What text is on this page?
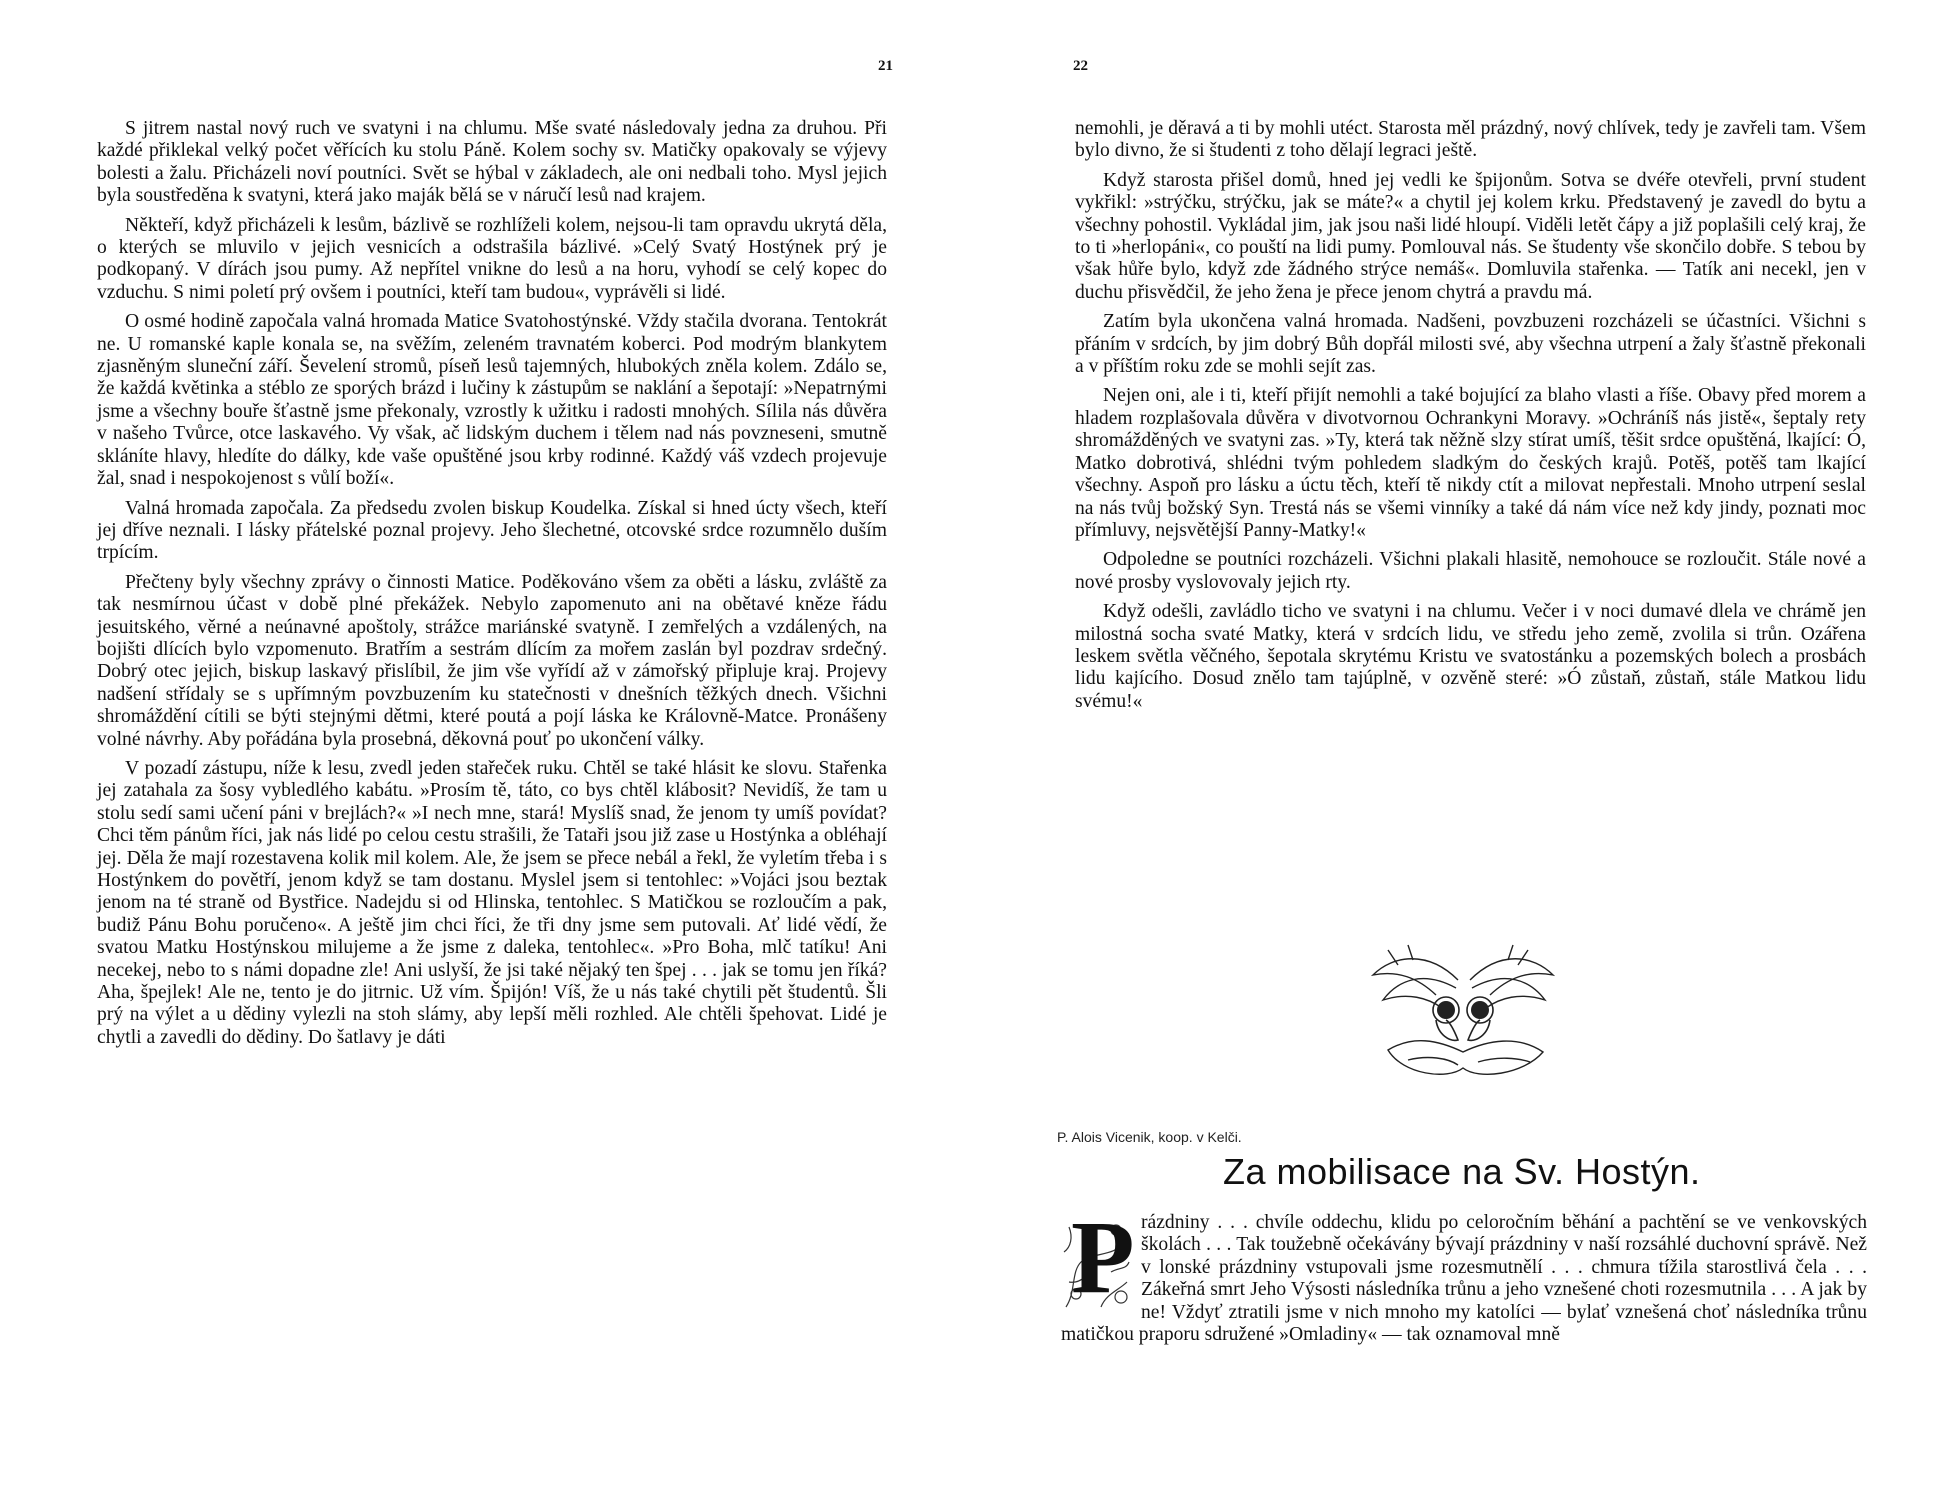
21

S jitrem nastal nový ruch ve svatyni i na chlumu. Mše svaté následovaly jedna za druhou. Při každé přiklekal velký počet věřících ku stolu Páně. Kolem sochy sv. Matičky opakovaly se výjevy bolesti a žalu. Přicházeli noví poutníci. Svět se hýbal v základech, ale oni nedbali toho. Mysl jejich byla soustředěna k svatyni, která jako maják bělá se v náručí lesů nad krajem.

Někteří, když přicházeli k lesům, bázlivě se rozhlíželi kolem, nejsou-li tam opravdu ukrytá děla, o kterých se mluvilo v jejich vesnicích a odstrašila bázlivé. »Celý Svatý Hostýnek prý je podkopaný. V dírách jsou pumy. Až nepřítel vnikne do lesů a na horu, vyhodí se celý kopec do vzduchu. S nimi poletí prý ovšem i poutníci, kteří tam budou«, vyprávěli si lidé.

O osmé hodině započala valná hromada Matice Svatohostýnské. Vždy stačila dvorana. Tentokrát ne. U romanské kaple konala se, na svěžím, zeleném travnatém koberci. Pod modrým blankytem zjasněným sluneční září. Ševelení stromů, píseň lesů tajemných, hlubokých zněla kolem. Zdálo se, že každá květinka a stéblo ze sporých brázd i lučiny k zástupům se naklání a šepotají: »Nepatrnými jsme a všechny bouře šťastně jsme překonaly, vzrostly k užitku i radosti mnohých. Sílila nás důvěra v našeho Tvůrce, otce laskavého. Vy však, ač lidským duchem i tělem nad nás povzneseni, smutně skláníte hlavy, hledíte do dálky, kde vaše opuštěné jsou krby rodinné. Každý váš vzdech projevuje žal, snad i nespokojenost s vůlí boží«.

Valná hromada započala. Za předsedu zvolen biskup Koudelka. Získal si hned úcty všech, kteří jej dříve neznali. I lásky přátelské poznal projevy. Jeho šlechetné, otcovské srdce rozumnělo duším trpícím.

Přečteny byly všechny zprávy o činnosti Matice. Poděkováno všem za oběti a lásku, zvláště za tak nesmírnou účast v době plné překážek. Nebylo zapomenuto ani na obětavé kněze řádu jesuitského, věrné a neúnavné apoštoly, strážce mariánské svatyně. I zemřelých a vzdálených, na bojišti dlících bylo vzpomenuto. Bratřím a sestrám dlícím za mořem zaslán byl pozdrav srdečný. Dobrý otec jejich, biskup laskavý přislíbil, že jim vše vyřídí až v zámořský připluje kraj. Projevy nadšení střídaly se s upřímným povzbuzením ku statečnosti v dnešních těžkých dnech. Všichni shromáždění cítili se býti stejnými dětmi, které poutá a pojí láska ke Královně-Matce. Pronášeny volné návrhy. Aby pořádána byla prosebná, děkovná pouť po ukončení války.

V pozadí zástupu, níže k lesu, zvedl jeden stařeček ruku. Chtěl se také hlásit ke slovu. Stařenka jej zatahala za šosy vybledlého kabátu. »Prosím tě, táto, co bys chtěl klábosit? Nevidíš, že tam u stolu sedí sami učení páni v brejlách?« »I nech mne, stará! Myslíš snad, že jenom ty umíš povídat? Chci těm pánům říci, jak nás lidé po celou cestu strašili, že Tataři jsou již zase u Hostýnka a obléhají jej. Děla že mají rozestavena kolik mil kolem. Ale, že jsem se přece nebál a řekl, že vyletím třeba i s Hostýnkem do povětří, jenom když se tam dostanu. Myslel jsem si tentohlec: »Vojáci jsou beztak jenom na té straně od Bystřice. Nadejdu si od Hlinska, tentohlec. S Matičkou se rozloučím a pak, budiž Pánu Bohu poručeno«. A ještě jim chci říci, že tři dny jsme sem putovali. Ať lidé vědí, že svatou Matku Hostýnskou milujeme a že jsme z daleka, tentohlec«. »Pro Boha, mlč tatíku! Ani necekej, nebo to s námi dopadne zle! Ani uslyší, že jsi také nějaký ten špej . . . jak se tomu jen říká? Aha, špejlek! Ale ne, tento je do jitrnic. Už vím. Špijón! Víš, že u nás také chytili pět študentů. Šli prý na výlet a u dědiny vylezli na stoh slámy, aby lepší měli rozhled. Ale chtěli špehovat. Lidé je chytli a zavedli do dědiny. Do šatlavy je dáti

22

nemohli, je děravá a ti by mohli utéct. Starosta měl prázdný, nový chlívek, tedy je zavřeli tam. Všem bylo divno, že si študenti z toho dělají legraci ještě.

Když starosta přišel domů, hned jej vedli ke špijonům. Sotva se dvéře otevřeli, první student vykřikl: »strýčku, strýčku, jak se máte?« a chytil jej kolem krku. Představený je zavedl do bytu a všechny pohostil. Vykládal jim, jak jsou naši lidé hloupí. Viděli letět čápy a již poplašili celý kraj, že to ti »herlopáni«, co pouští na lidi pumy. Pomlouval nás. Se študenty vše skončilo dobře. S tebou by však hůře bylo, když zde žádného strýce nemáš«. Domluvila stařenka. — Tatík ani necekl, jen v duchu přisvědčil, že jeho žena je přece jenom chytrá a pravdu má.

Zatím byla ukončena valná hromada. Nadšeni, povzbuzeni rozcházeli se účastníci. Všichni s přáním v srdcích, by jim dobrý Bůh dopřál milosti své, aby všechna utrpení a žaly šťastně překonali a v příštím roku zde se mohli sejít zas.

Nejen oni, ale i ti, kteří přijít nemohli a také bojující za blaho vlasti a říše. Obavy před morem a hladem rozplašovala důvěra v divotvornou Ochrankyni Moravy. »Ochráníš nás jistě«, šeptaly rety shromážděných ve svatyni zas. »Ty, která tak něžně slzy stírat umíš, těšit srdce opuštěná, lkající: Ó, Matko dobrotivá, shlédni tvým pohledem sladkým do českých krajů. Potěš, potěš tam lkající všechny. Aspoň pro lásku a úctu těch, kteří tě nikdy ctít a milovat nepřestali. Mnoho utrpení seslal na nás tvůj božský Syn. Trestá nás se všemi vinníky a také dá nám více než kdy jindy, poznati moc přímluvy, nejsvětější Panny-Matky!«

Odpoledne se poutníci rozcházeli. Všichni plakali hlasitě, nemohouce se rozloučit. Stále nové a nové prosby vyslovovaly jejich rty.

Když odešli, zavládlo ticho ve svatyni i na chlumu. Večer i v noci dumavé dlela ve chrámě jen milostná socha svaté Matky, která v srdcích lidu, ve středu jeho země, zvolila si trůn. Ozářena leskem světla věčného, šepotala skrytému Kristu ve svatostánku a pozemských bolech a prosbách lidu kajícího. Dosud znělo tam tajúplně, v ozvěně steré: »Ó zůstaň, zůstaň, stále Matkou lidu svému!«

P. Alois Vicenik, koop. v Kelči.
Za mobilisace na Sv. Hostýn.
P rázdniny . . . chvíle oddechu, klidu po celoročním běhání a pachtění se ve venkovských školách . . . Tak toužebně očekávány bývají prázdniny v naší rozsáhlé duchovní správě. Než v lonské prázdniny vstupovali jsme rozesmutnělí . . . chmura tížila starostlivá čela . . . Zákeřná smrt Jeho Výsosti následníka trůnu a jeho vznešené choti rozesmutnila . . . A jak by ne! Vždyť ztratili jsme v nich mnoho my katolíci — bylať vznešená choť následníka trůnu matičkou praporu sdružené »Omladiny« — tak oznamoval mně
